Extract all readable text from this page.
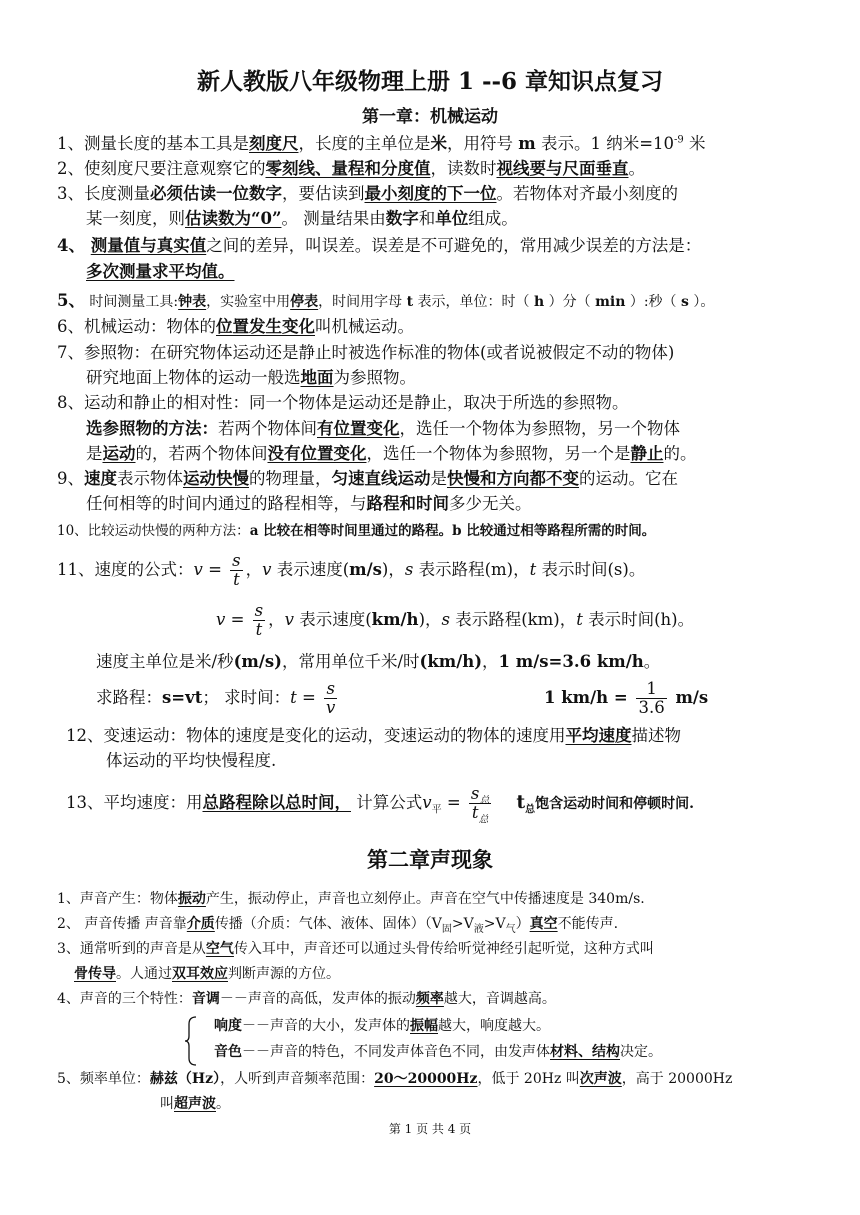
新人教版八年级物理上册 1 --6 章知识点复习
第一章：机械运动
1、测量长度的基本工具是刻度尺，长度的主单位是米，用符号 m 表示。1 纳米$=10^{-9}$ 米
2、使刻度尺要注意观察它的零刻线、量程和分度值，读数时视线要与尺面垂直。
3、长度测量必须估读一位数字，要估读到最小刻度的下一位。若物体对齐最小刻度的
某一刻度，则估读数为“0”。 测量结果由数字和单位组成。
4、 测量值与真实值之间的差异，叫误差。误差是不可避免的，常用减少误差的方法是：
多次测量求平均值。
5、 时间测量工具:钟表，实验室中用停表，时间用字母 t 表示，单位：时（ h ）分（ min ）:秒（ s ）。
6、机械运动：物体的位置发生变化叫机械运动。
7、参照物：在研究物体运动还是静止时被选作标准的物体(或者说被假定不动的物体)
研究地面上物体的运动一般选地面为参照物。
8、运动和静止的相对性：同一个物体是运动还是静止，取决于所选的参照物。
选参照物的方法：若两个物体间有位置变化，选任一个物体为参照物，另一个物体
是运动的，若两个物体间没有位置变化，选任一个物体为参照物，另一个是静止的。
9、速度表示物体运动快慢的物理量，匀速直线运动是快慢和方向都不变的运动。它在
任何相等的时间内通过的路程相等，与路程和时间多少无关。
10、比较运动快慢的两种方法：a 比较在相等时间里通过的路程。b 比较通过相等路程所需的时间。
11、速度的公式：$v = \frac{s}{t}$ ，v 表示速度(m/s)，s 表示路程(m)，t 表示时间(s)。
$v = \frac{s}{t}$ ，v 表示速度(km/h)，s 表示路程(km)，t 表示时间(h)。
速度主单位是米/秒(m/s)，常用单位千米/时(km/h)，1 m/s=3.6 km/h。
求路程：s=vt； 求时间：$t = \frac{s}{v}$	1 $km/h = \frac{1}{3.6} m/s$
12、变速运动：物体的速度是变化的运动，变速运动的物体的速度用平均速度描述物
体运动的平均快慢程度.
13、平均速度：用总路程除以总时间， 计算公式$v_平 = \frac{s_总}{t_总} t_总$饱含运动时间和停顿时间.
第二章声现象
1、声音产生：物体振动产生，振动停止，声音也立刻停止。声音在空气中传播速度是 340m/s.
2、 声音传播 声音靠介质传播（介质：气体、液体、固体）$(V_固>V_液>V_气)$真空不能传声.
3、通常听到的声音是从空气传入耳中，声音还可以通过头骨传给听觉神经引起听觉，这种方式叫
骨传导。人通过双耳效应判断声源的方位。
4、声音的三个特性：音调－－声音的高低，发声体的振动频率越大，音调越高。
响度－－声音的大小，发声体的振幅越大，响度越大。
音色－－声音的特色，不同发声体音色不同，由发声体材料、结构决定。
5、频率单位：赫兹（Hz），人听到声音频率范围：20～20000Hz，低于 20Hz 叫次声波，高于 20000Hz
叫超声波。
第 1 页 共 4 页
